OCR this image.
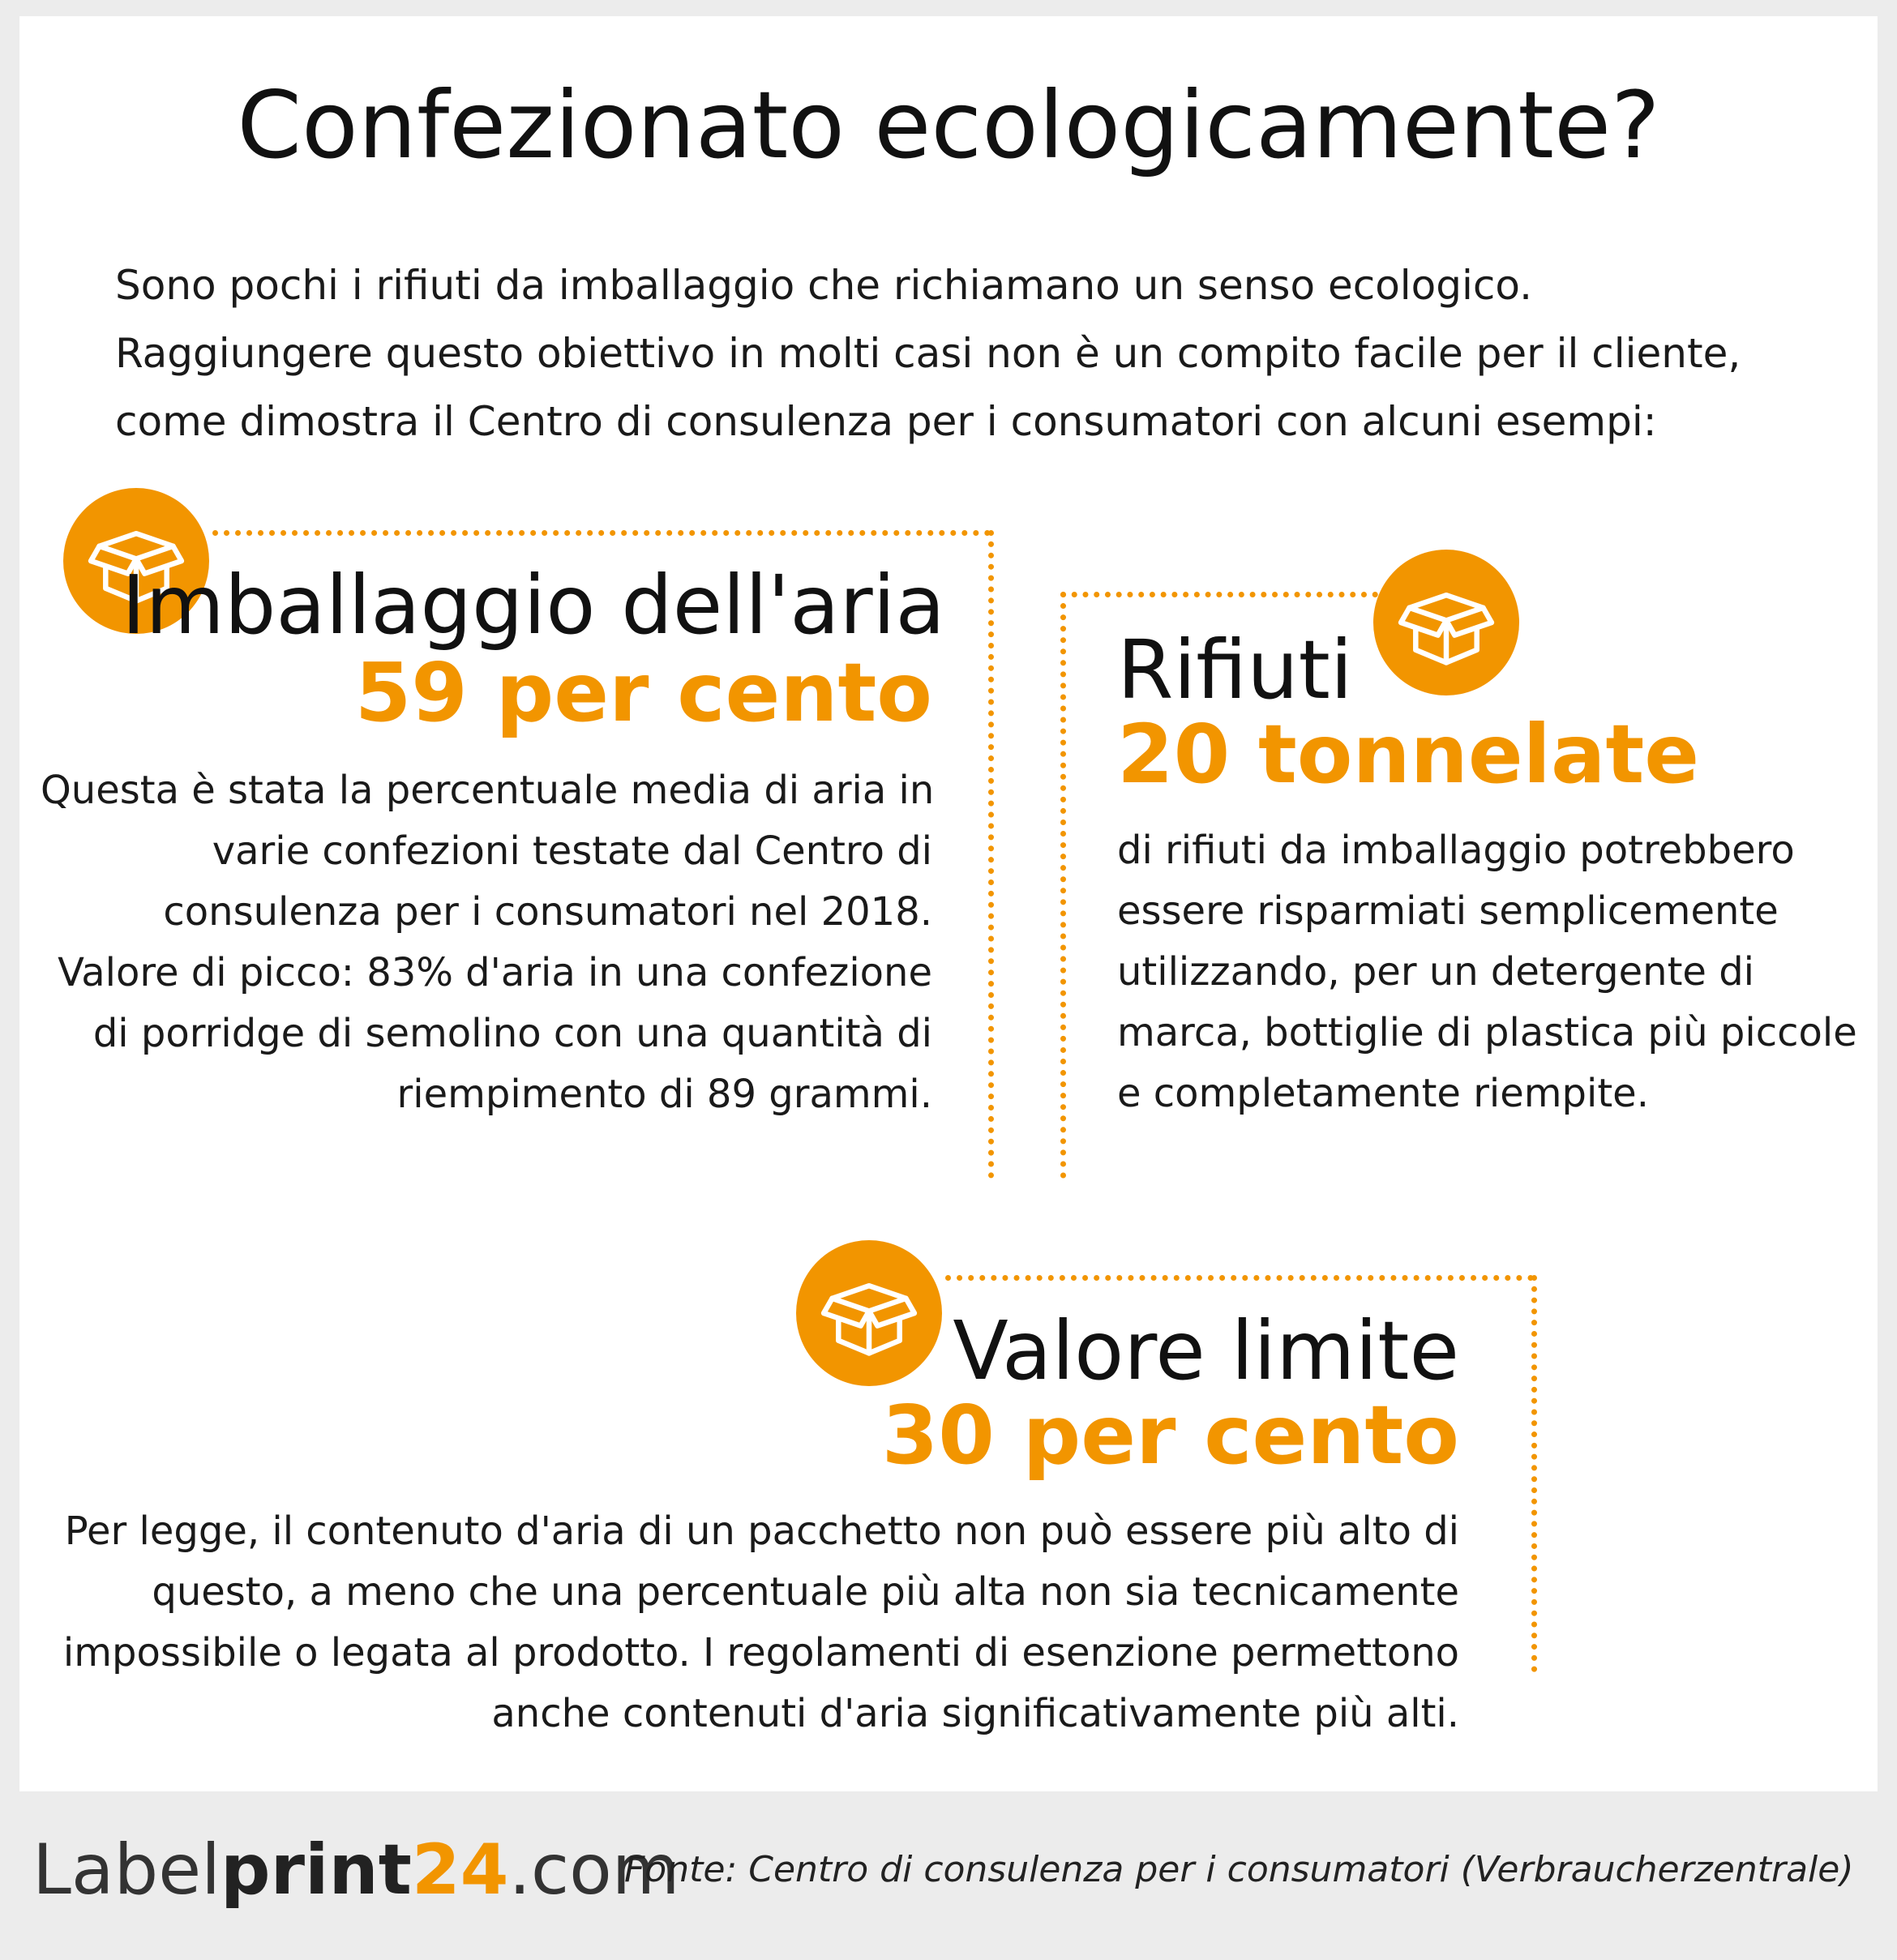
Confezionato ecologicamente?
Sono pochi i rifiuti da imballaggio che richiamano un senso ecologico.
Raggiungere questo obiettivo in molti casi non è un compito facile per il cliente,
come dimostra il Centro di consulenza per i consumatori con alcuni esempi:
Imballaggio dell'aria
59 per cento
Questa è stata la percentuale media di aria in
varie confezioni testate dal Centro di
consulenza per i consumatori nel 2018.
Valore di picco: 83% d'aria in una confezione
di porridge di semolino con una quantità di
riempimento di 89 grammi.
Rifiuti
20 tonnelate
di rifiuti da imballaggio potrebbero
essere risparmiati semplicemente
utilizzando, per un detergente di
marca, bottiglie di plastica più piccole
e completamente riempite.
Valore limite
30 per cento
Per legge, il contenuto d'aria di un pacchetto non può essere più alto di
questo, a meno che una percentuale più alta non sia tecnicamente
impossibile o legata al prodotto. I regolamenti di esenzione permettono
anche contenuti d'aria significativamente più alti.
Labelprint24.com
Fonte: Centro di consulenza per i consumatori (Verbraucherzentrale)
